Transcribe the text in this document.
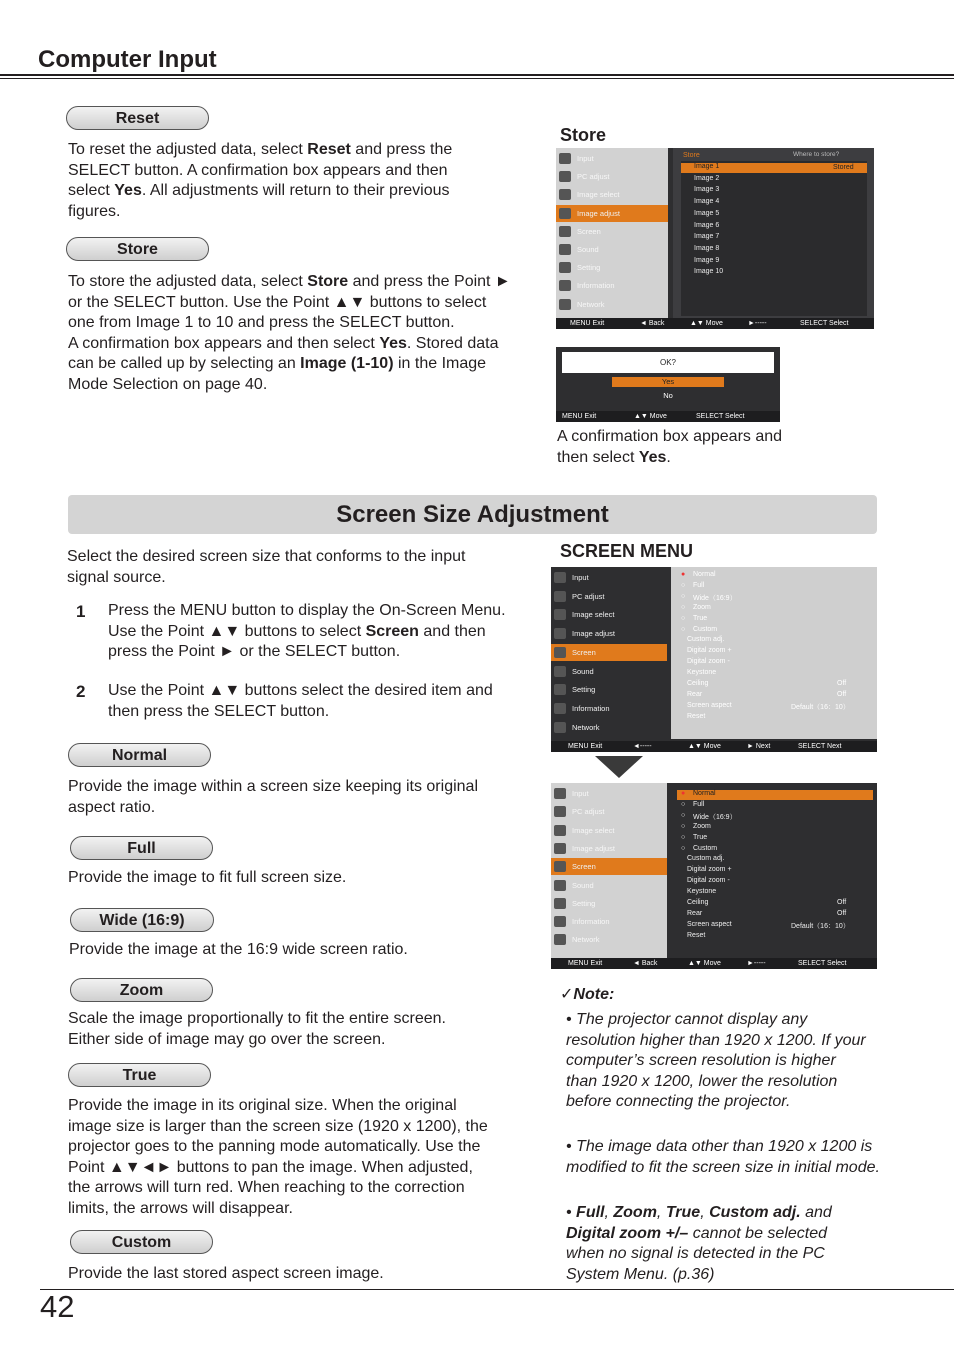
Computer Input
Reset
To reset the adjusted data, select Reset and press the SELECT button. A confirmation box appears and then select Yes. All adjustments will return to their previous figures.
Store
To store the adjusted data, select Store and press the Point ► or the SELECT button. Use the Point ▲▼ buttons to select one from Image 1 to 10 and press the SELECT button.
A confirmation box appears and then select Yes. Stored data can be called up by selecting an Image (1-10) in the Image Mode Selection on page 40.
Store
Input
PC adjust
Image select
Image adjust
Screen
Sound
Setting
Information
Network
Store	Where to store?
Image 1
Image 2
Image 3
Image 4
Image 5
Image 6
Image 7
Image 8
Image 9
Image 10
Stored
MENU Exit	◄ Back	▲▼ Move	►-----	SELECT Select
OK?
Yes
No
MENU Exit	▲▼ Move	SELECT Select
A confirmation box appears and then select Yes.
Screen Size Adjustment
Select the desired screen size that conforms to the input signal source.
1 Press the MENU button to display the On-Screen Menu. Use the Point ▲▼ buttons to select Screen and then press the Point ► or the SELECT button.
2 Use the Point ▲▼ buttons select the desired item and then press the SELECT button.
Normal
Provide the image within a screen size keeping its original aspect ratio.
Full
Provide the image to fit full screen size.
Wide (16:9)
Provide the image at the 16:9 wide screen ratio.
Zoom
Scale the image proportionally to fit the entire screen. Either side of image may go over the screen.
True
Provide the image in its original size. When the original image size is larger than the screen size (1920 x 1200), the projector goes to the panning mode automatically. Use the Point ▲▼◄► buttons to pan the image. When adjusted, the arrows will turn red. When reaching to the correction limits, the arrows will disappear.
Custom
Provide the last stored aspect screen image.
SCREEN MENU
Input
PC adjust
Image select
Image adjust
Screen
Sound
Setting
Information
Network
Normal
●
Full
○
Wide（16:9）
○
Zoom
○
True
○
Custom
○
Custom adj.
Digital zoom +
Digital zoom -
Keystone
Ceiling
Rear
Screen aspect
Reset
Off
Off
Default（16：10）
MENU Exit	◄-----	▲▼ Move	► Next	SELECT Next
Input
PC adjust
Image select
Image adjust
Screen
Sound
Setting
Information
Network
Normal
●
Full
○
Wide（16:9）
○
Zoom
○
True
○
Custom
○
Custom adj.
Digital zoom +
Digital zoom -
Keystone
Ceiling
Rear
Screen aspect
Reset
Off
Off
Default（16：10）
MENU Exit	◄ Back	▲▼ Move	►-----	SELECT Select
✓Note:
• The projector cannot display any resolution higher than 1920 x 1200. If your computer’s screen resolution is higher than 1920 x 1200, lower the resolution before connecting the projector.
• The image data other than 1920 x 1200 is modified to fit the screen size in initial mode.
• Full, Zoom, True, Custom adj. and Digital zoom +/– cannot be selected when no signal is detected in the PC System Menu. (p.36)
42
